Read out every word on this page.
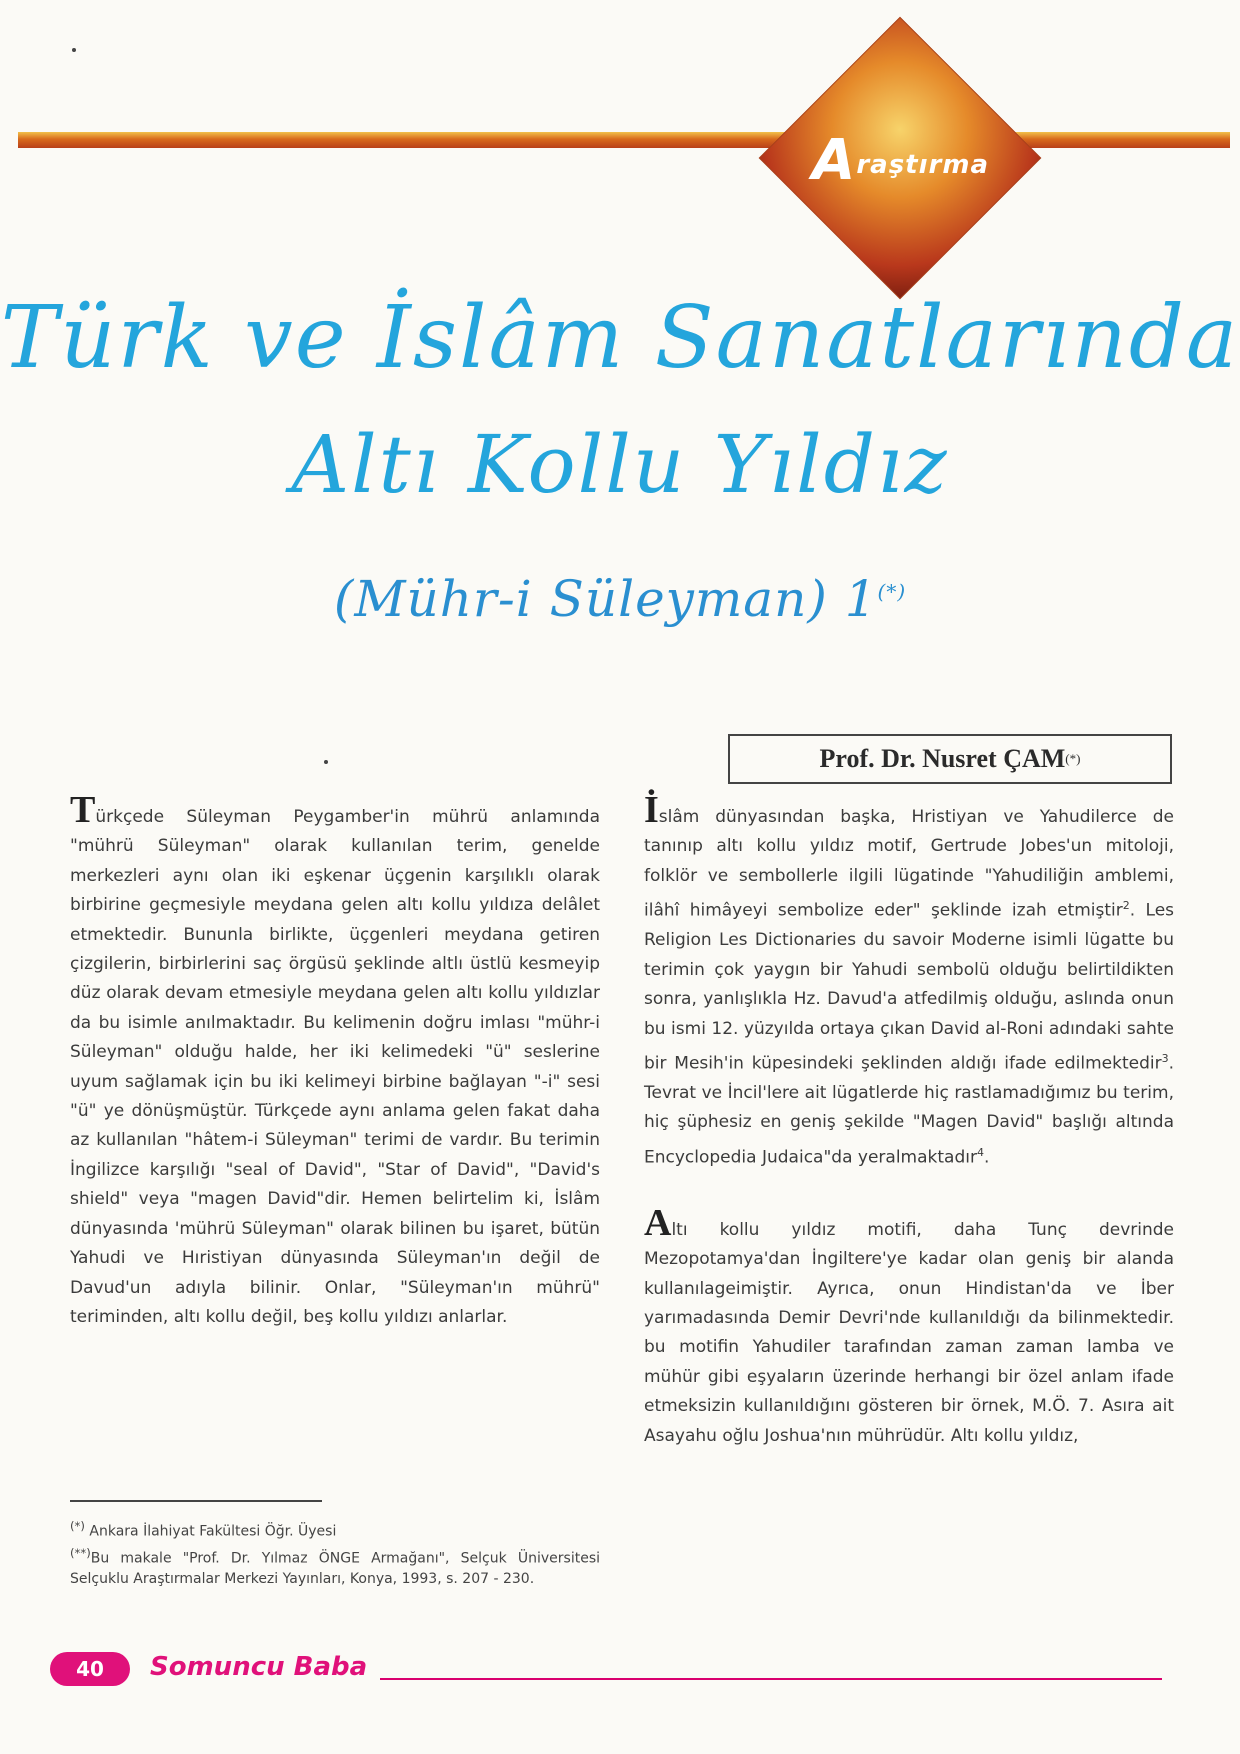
Araştırma
Türk ve İslâm Sanatlarında
Altı Kollu Yıldız
(Mühr-i Süleyman) 1(*)
Prof. Dr. Nusret ÇAM (*)

Türkçede Süleyman Peygamber'in mührü anlamında "mührü Süleyman" olarak kullanılan terim, genelde merkezleri aynı olan iki eşkenar üçgenin karşılıklı olarak birbirine geçmesiyle meydana gelen altı kollu yıldıza delâlet etmektedir. Bununla birlikte, üçgenleri meydana getiren çizgilerin, birbirlerini saç örgüsü şeklinde altlı üstlü kesmeyip düz olarak devam etmesiyle meydana gelen altı kollu yıldızlar da bu isimle anılmaktadır. Bu kelimenin doğru imlası "mühr-i Süleyman" olduğu halde, her iki kelimedeki "ü" seslerine uyum sağlamak için bu iki kelimeyi birbine bağlayan "-i" sesi "ü" ye dönüşmüştür. Türkçede aynı anlama gelen fakat daha az kullanılan "hâtem-i Süleyman" terimi de vardır. Bu terimin İngilizce karşılığı "seal of David", "Star of David", "David's shield" veya "magen David"dir. Hemen belirtelim ki, İslâm dünyasında 'mührü Süleyman" olarak bilinen bu işaret, bütün Yahudi ve Hıristiyan dünyasında Süleyman'ın değil de Davud'un adıyla bilinir. Onlar, "Süleyman'ın mührü" teriminden, altı kollu değil, beş kollu yıldızı anlarlar.

İslâm dünyasından başka, Hristiyan ve Yahudilerce de tanınıp altı kollu yıldız motif, Gertrude Jobes'un mitoloji, folklör ve sembollerle ilgili lügatinde "Yahudiliğin amblemi, ilâhî himâyeyi sembolize eder" şeklinde izah etmiştir$^2$. Les Religion Les Dictionaries du savoir Moderne isimli lügatte bu terimin çok yaygın bir Yahudi sembolü olduğu belirtildikten sonra, yanlışlıkla Hz. Davud'a atfedilmiş olduğu, aslında onun bu ismi 12. yüzyılda ortaya çıkan David al-Roni adındaki sahte bir Mesih'in küpesindeki şeklinden aldığı ifade edilmektedir$^3$. Tevrat ve İncil'lere ait lügatlerde hiç rastlamadığımız bu terim, hiç şüphesiz en geniş şekilde "Magen David" başlığı altında Encyclopedia Judaica"da yeralmaktadır$^4$.

Altı kollu yıldız motifi, daha Tunç devrinde Mezopotamya'dan İngiltere'ye kadar olan geniş bir alanda kullanılageimiştir. Ayrıca, onun Hindistan'da ve İber yarımadasında Demir Devri'nde kullanıldığı da bilinmektedir. bu motifin Yahudiler tarafından zaman zaman lamba ve mühür gibi eşyaların üzerinde herhangi bir özel anlam ifade etmeksizin kullanıldığını gösteren bir örnek, M.Ö. 7. Asıra ait Asayahu oğlu Joshua'nın mührüdür. Altı kollu yıldız,

(*) Ankara İlahiyat Fakültesi Öğr. Üyesi

(**)Bu makale "Prof. Dr. Yılmaz ÖNGE Armağanı", Selçuk Üniversitesi Selçuklu Araştırmalar Merkezi Yayınları, Konya, 1993, s. 207 - 230.

40	Somuncu Baba
